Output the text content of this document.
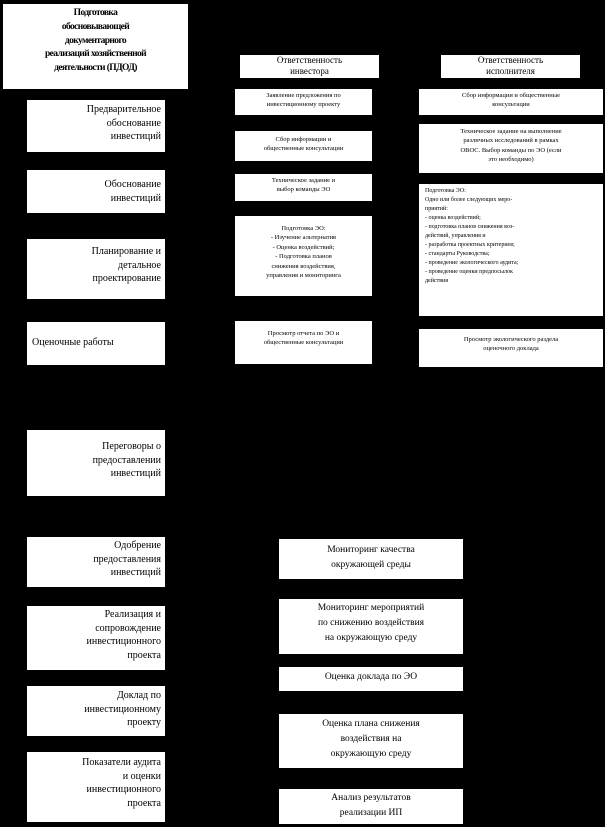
Подготовка
обосновывающей
документарного
реализаций хозяйственной
деятельности (ПДОД)
Ответственность
инвестора
Ответственность
исполнителя
Предварительное
обоснование
инвестиций
Обоснование
инвестиций
Планирование и
детальное
проектирование
Оценочные работы
Переговоры о
предоставлении
инвестиций
Одобрение
предоставления
инвестиций
Реализация и
сопровождение
инвестиционного
проекта
Доклад по
инвестиционному
проекту
Показатели аудита
и оценки
инвестиционного
проекта
Заявление предложения по
инвестиционному проекту
Сбор информации и
общественные консультации
Техническое задание и
выбор команды ЭО
Подготовка ЭО:
- Изучение альтернатив
- Оценка воздействий;
- Подготовка планов
снижения воздействия,
управления и мониторинга
Просмотр отчета по ЭО и
общественные консультации
Сбор информации и общественные
консультации
Техническое задание на выполнение
различных исследований в рамках
ОВОС. Выбор команды по ЭО (если
это необходимо)
Подготовка ЭО:
Одно или более следующих меро-
приятий:
- оценка воздействий;
- подготовка планов снижения воз-
действий, управления и
- разработка проектных критериев;
- стандарты Руководства;
- проведение экологического аудита;
- проведение оценки предпосылок
действия
Просмотр экологического раздела
оценочного доклада
Мониторинг качества
окружающей среды
Мониторинг мероприятий
по снижению воздействия
на окружающую среду
Оценка доклада по ЭО
Оценка плана снижения
воздействия на
окружающую среду
Анализ результатов
реализации ИП
